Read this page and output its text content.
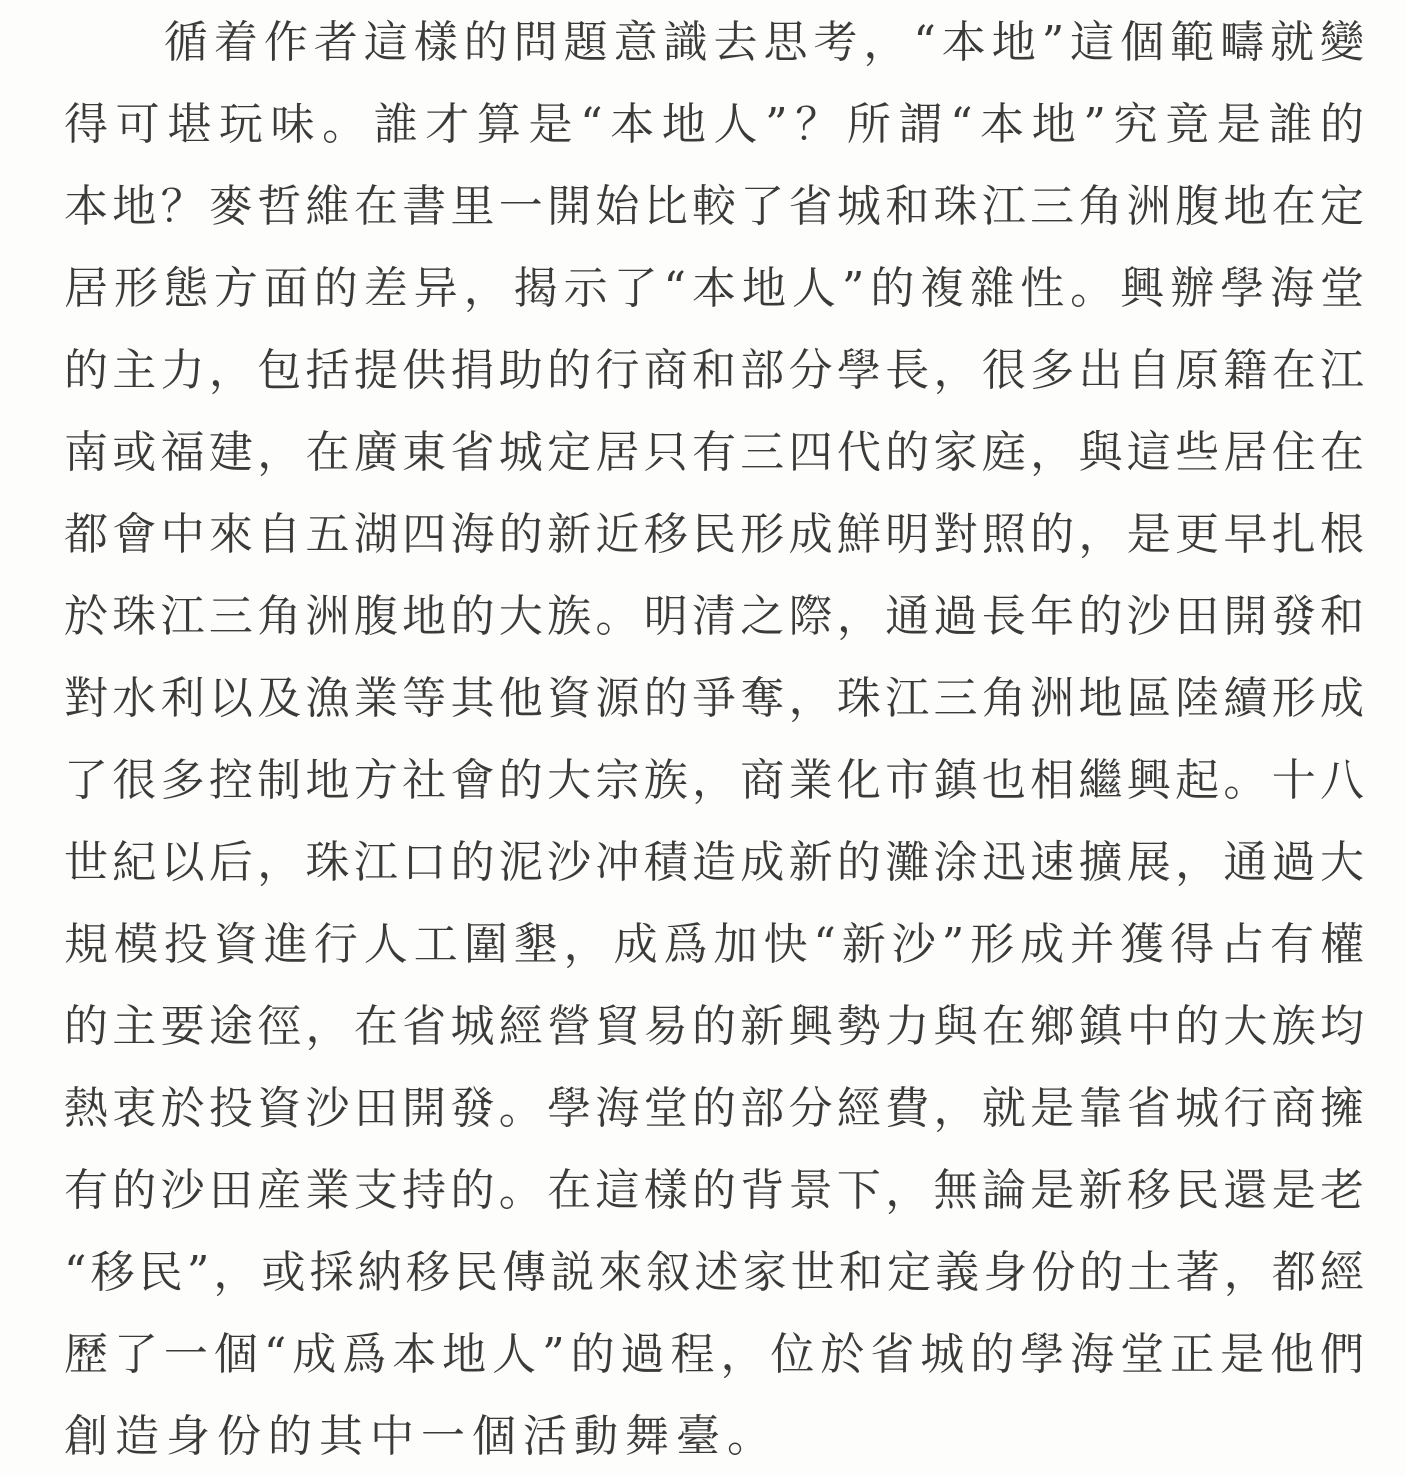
　　循着作者這樣的問題意識去思考，“本地”這個範疇就變
得可堪玩味。誰才算是“本地人”？所謂“本地”究竟是誰的
本地？麥哲維在書里一開始比較了省城和珠江三角洲腹地在定
居形態方面的差异，揭示了“本地人”的複雜性。興辦學海堂
的主力，包括提供捐助的行商和部分學長，很多出自原籍在江
南或福建，在廣東省城定居只有三四代的家庭，與這些居住在
都會中來自五湖四海的新近移民形成鮮明對照的，是更早扎根
於珠江三角洲腹地的大族。明清之際，通過長年的沙田開發和
對水利以及漁業等其他資源的爭奪，珠江三角洲地區陸續形成
了很多控制地方社會的大宗族，商業化市鎮也相繼興起。十八
世紀以后，珠江口的泥沙冲積造成新的灘涂迅速擴展，通過大
規模投資進行人工圍墾，成爲加快“新沙”形成并獲得占有權
的主要途徑，在省城經營貿易的新興勢力與在鄉鎮中的大族均
熱衷於投資沙田開發。學海堂的部分經費，就是靠省城行商擁
有的沙田産業支持的。在這樣的背景下，無論是新移民還是老
“移民”，或採納移民傳説來叙述家世和定義身份的土著，都經
歷了一個“成爲本地人”的過程，位於省城的學海堂正是他們
創造身份的其中一個活動舞臺。
